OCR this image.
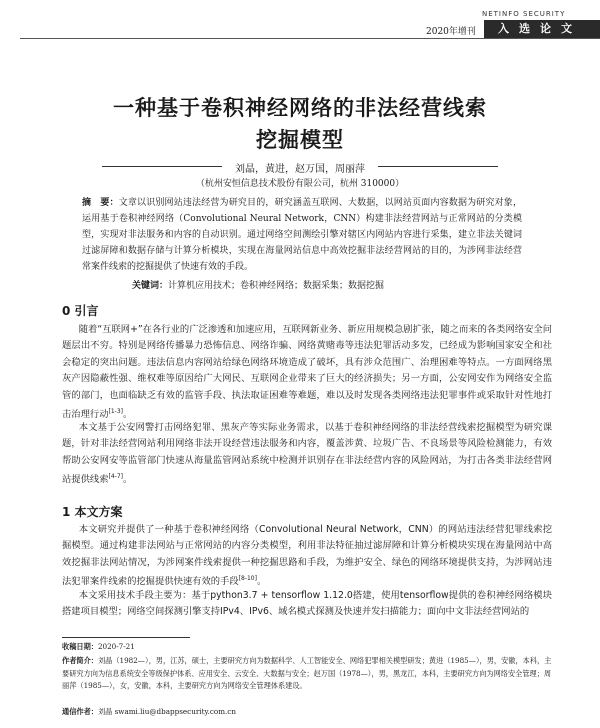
2020年增刊
NETINFO SECURITY
入选论文
一种基于卷积神经网络的非法经营线索
挖掘模型
刘晶，黄进，赵万国，周丽萍
（杭州安恒信息技术股份有限公司，杭州 310000）

摘　要：文章以识别网站违法经营为研究目的，研究涵盖互联网、大数据，以网站页面内容数据为研究对象，运用基于卷积神经网络（Convolutional Neural Network，CNN）构建非法经营网站与正常网站的分类模型，实现对非法服务和内容的自动识别。通过网络空间测绘引擎对辖区内网站内容进行采集，建立非法关键词过滤屏障和数据存储与计算分析模块，实现在海量网站信息中高效挖掘非法经营网站的目的，为涉网非法经营常案件线索的挖掘提供了快速有效的手段。

关键词：计算机应用技术；卷积神经网络；数据采集；数据挖掘
0 引言

随着“互联网+”在各行业的广泛渗透和加速应用，互联网新业务、新应用规模急剧扩张，随之而来的各类网络安全问题层出不穷。特别是网络传播暴力恐怖信息、网络诈骗、网络黄赌毒等违法犯罪活动多发，已经成为影响国家安全和社会稳定的突出问题。违法信息内容网站给绿色网络环境造成了破坏，具有涉众范围广、治理困难等特点。一方面网络黑灰产因隐蔽性强、维权难等原因给广大网民、互联网企业带来了巨大的经济损失；另一方面，公安网安作为网络安全监管的部门，也面临缺乏有效的监管手段、执法取证困难等难题，难以及时发现各类网络违法犯罪事件或采取针对性地打击治理行动[1-3]。

本文基于公安网警打击网络犯罪、黑灰产等实际业务需求，以基于卷积神经网络的非法经营线索挖掘模型为研究课题，针对非法经营网站利用网络非法开设经营违法服务和内容，覆盖涉黄、垃圾广告、不良场景等风险检测能力，有效帮助公安网安等监管部门快速从海量监管网站系统中检测并识别存在非法经营内容的风险网站，为打击各类非法经营网站提供线索[4-7]。

1 本文方案

本文研究并提供了一种基于卷积神经网络（Convolutional Neural Network，CNN）的网站违法经营犯罪线索挖掘模型。通过构建非法网站与正常网站的内容分类模型，利用非法特征抽过滤屏障和计算分析模块实现在海量网站中高效挖掘非法网站情况，为涉网案件线索提供一种挖掘思路和手段，为维护安全、绿色的网络环境提供支持，为涉网站违法犯罪案件线索的挖掘提供快速有效的手段[8-10]。

本文采用技术手段主要为：基于python3.7 + tensorflow 1.12.0搭建，使用tensorflow提供的卷积神经网络模块搭建项目模型；网络空间探测引擎支持IPv4、IPv6、域名模式探测及快速并发扫描能力；面向中文非法经营网站的

收稿日期：2020-7-21

作者简介：刘晶（1982—），男，江苏，硕士，主要研究方向为数据科学、人工智能安全、网络犯罪相关模型研发；黄进（1985—），男，安徽，本科，主要研究方向为信息系统安全等级保护体系、应用安全、云安全、大数据与安全；赵万国（1978—），男，黑龙江，本科，主要研究方向为网络安全管理；周丽萍（1985—），女，安徽，本科，主要研究方向为网络安全管理体系建设。

通信作者：刘晶 swami.liu@dbappsecurity.com.cn
